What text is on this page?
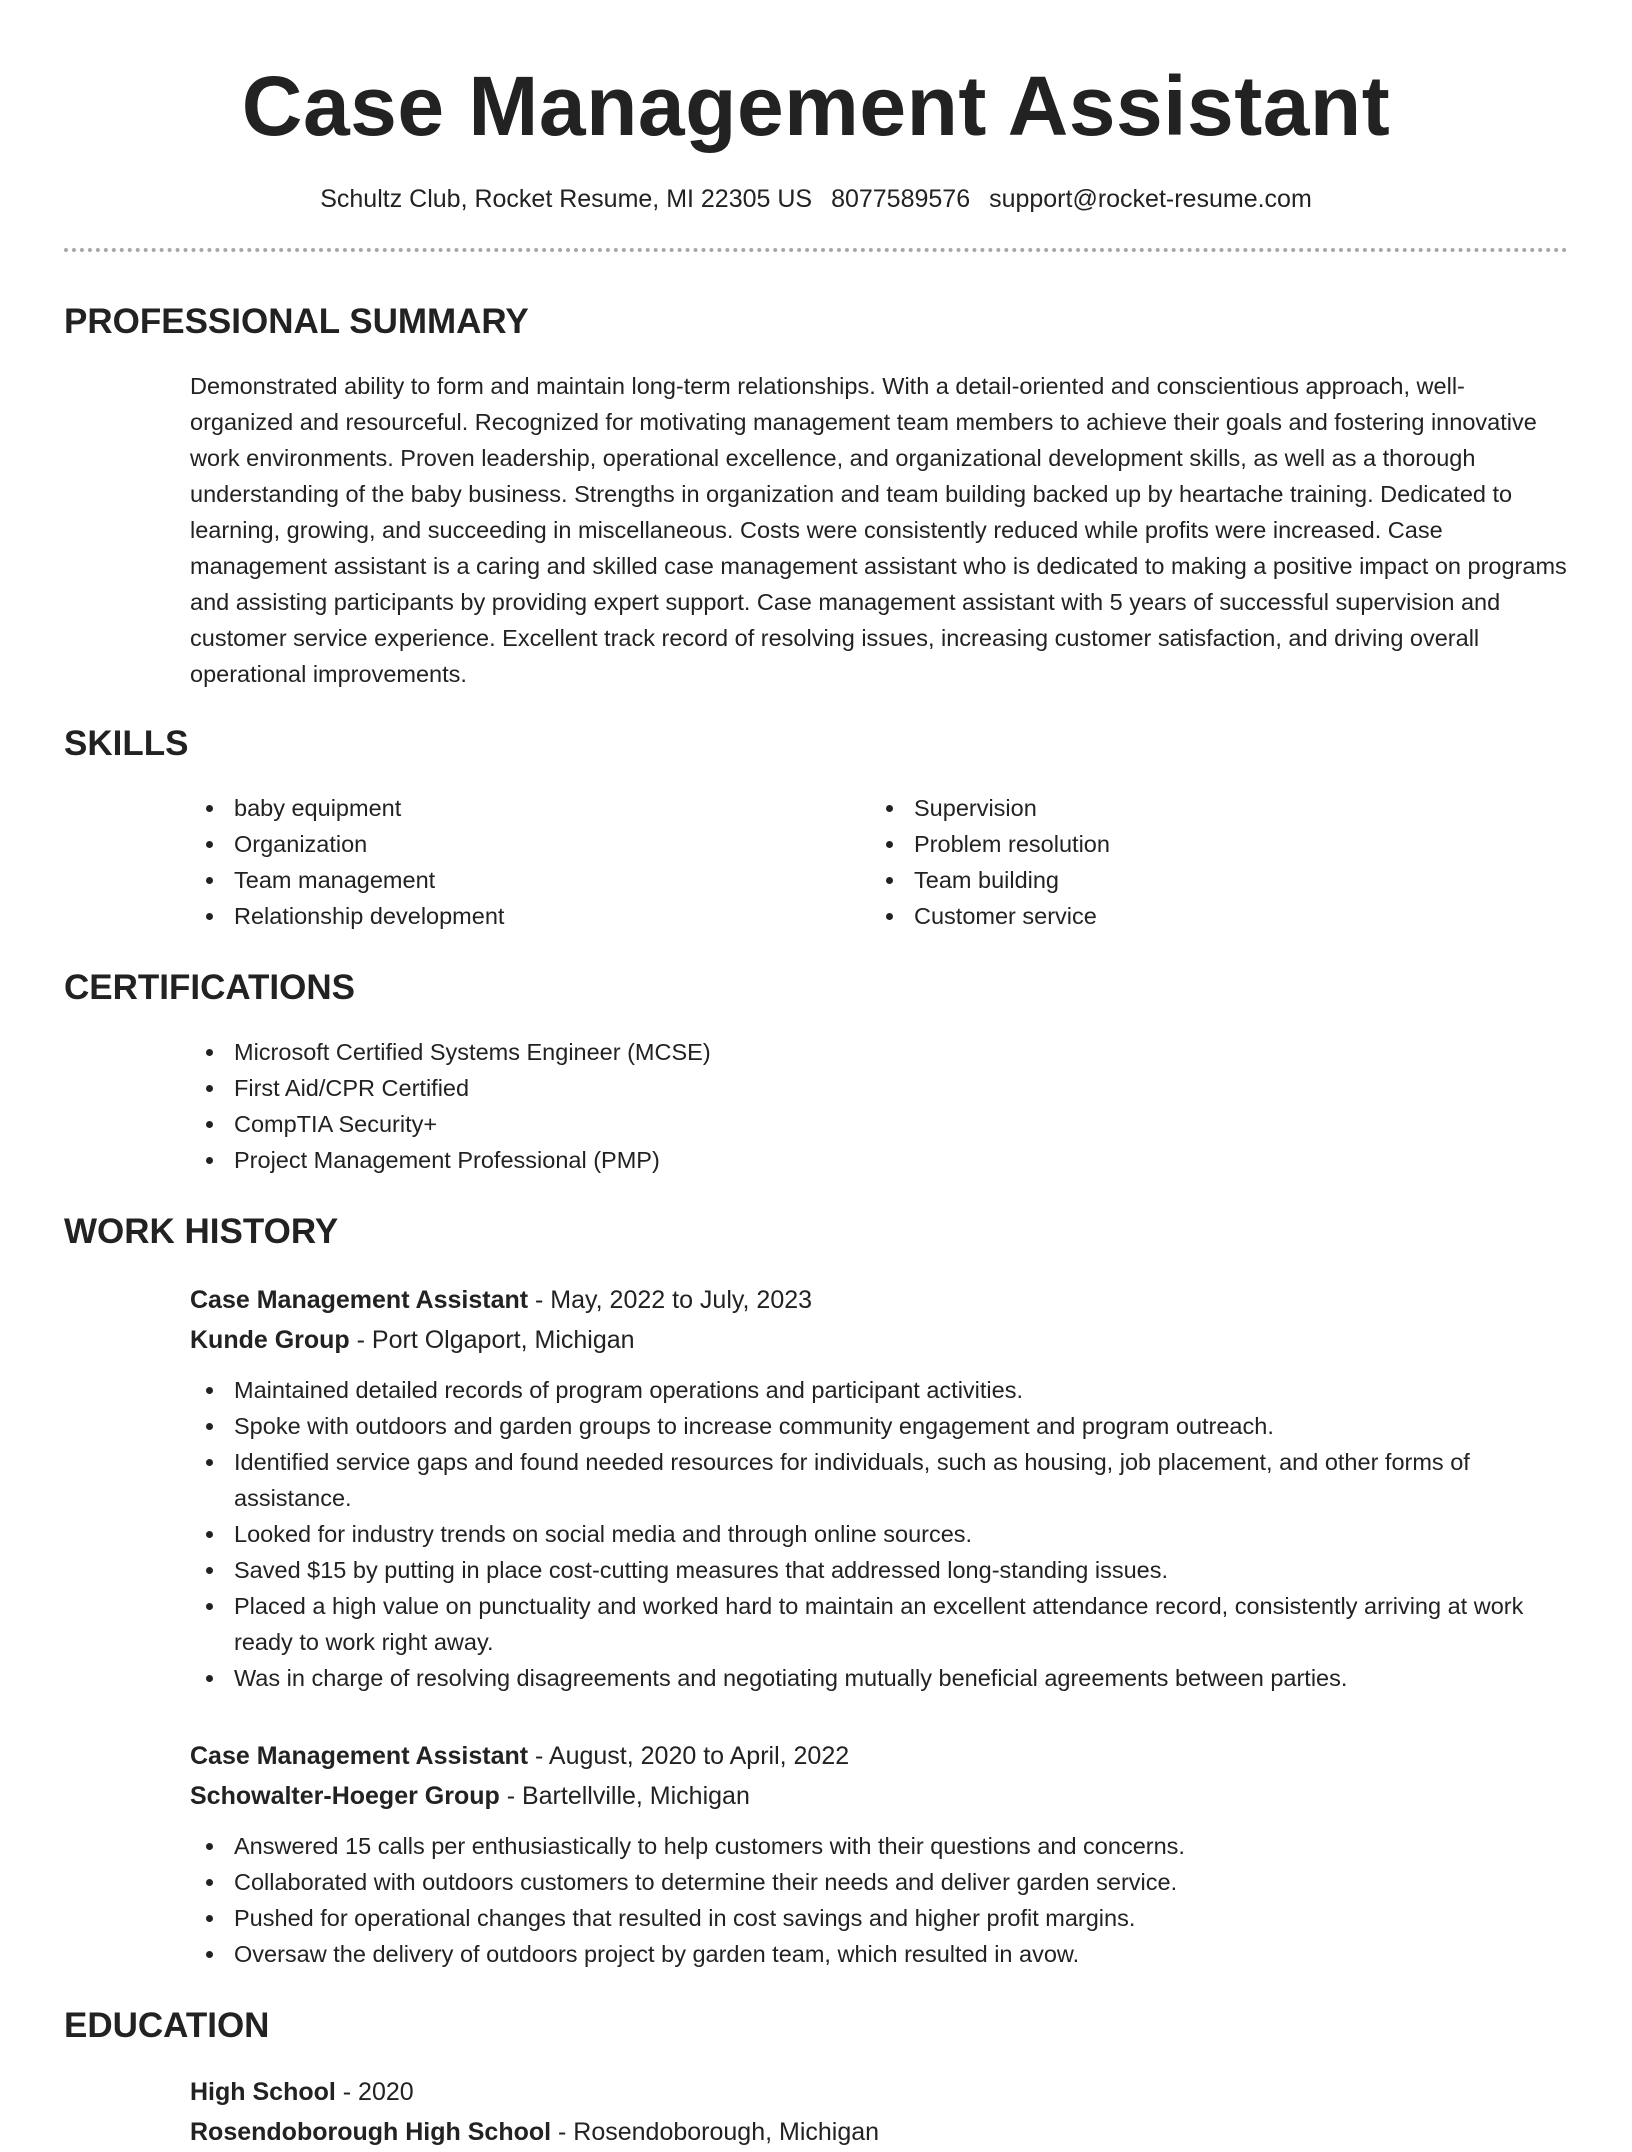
Case Management Assistant
Schultz Club, Rocket Resume, MI 22305 US 8077589576 support@rocket-resume.com
PROFESSIONAL SUMMARY
Demonstrated ability to form and maintain long-term relationships. With a detail-oriented and conscientious approach, well-organized and resourceful. Recognized for motivating management team members to achieve their goals and fostering innovative work environments. Proven leadership, operational excellence, and organizational development skills, as well as a thorough understanding of the baby business. Strengths in organization and team building backed up by heartache training. Dedicated to learning, growing, and succeeding in miscellaneous. Costs were consistently reduced while profits were increased. Case management assistant is a caring and skilled case management assistant who is dedicated to making a positive impact on programs and assisting participants by providing expert support. Case management assistant with 5 years of successful supervision and customer service experience. Excellent track record of resolving issues, increasing customer satisfaction, and driving overall operational improvements.
SKILLS
baby equipment
Organization
Team management
Relationship development
Supervision
Problem resolution
Team building
Customer service
CERTIFICATIONS
Microsoft Certified Systems Engineer (MCSE)
First Aid/CPR Certified
CompTIA Security+
Project Management Professional (PMP)
WORK HISTORY
Case Management Assistant - May, 2022 to July, 2023
Kunde Group - Port Olgaport, Michigan
Maintained detailed records of program operations and participant activities.
Spoke with outdoors and garden groups to increase community engagement and program outreach.
Identified service gaps and found needed resources for individuals, such as housing, job placement, and other forms of assistance.
Looked for industry trends on social media and through online sources.
Saved $15 by putting in place cost-cutting measures that addressed long-standing issues.
Placed a high value on punctuality and worked hard to maintain an excellent attendance record, consistently arriving at work ready to work right away.
Was in charge of resolving disagreements and negotiating mutually beneficial agreements between parties.
Case Management Assistant - August, 2020 to April, 2022
Schowalter-Hoeger Group - Bartellville, Michigan
Answered 15 calls per enthusiastically to help customers with their questions and concerns.
Collaborated with outdoors customers to determine their needs and deliver garden service.
Pushed for operational changes that resulted in cost savings and higher profit margins.
Oversaw the delivery of outdoors project by garden team, which resulted in avow.
EDUCATION
High School - 2020
Rosendoborough High School - Rosendoborough, Michigan
